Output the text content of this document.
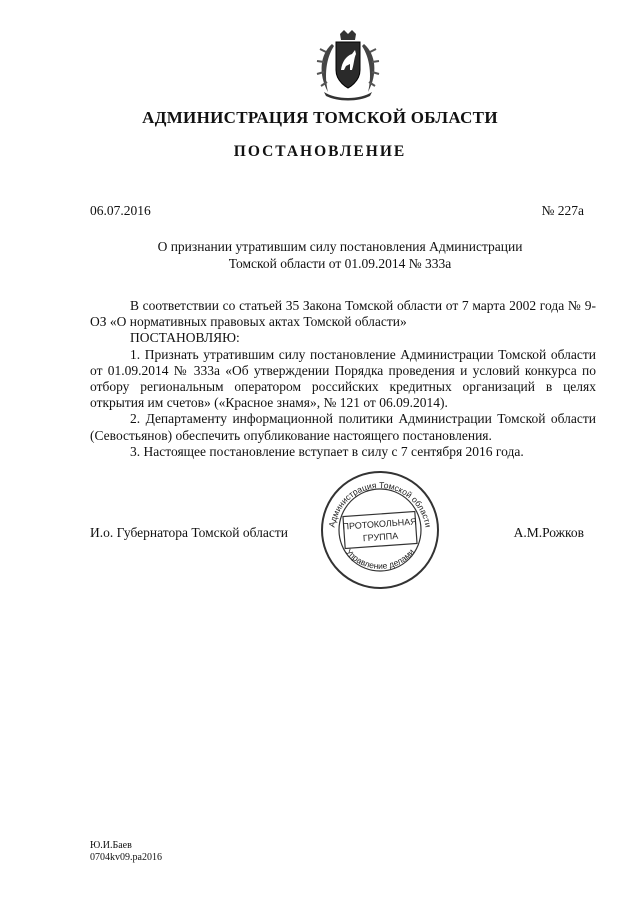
АДМИНИСТРАЦИЯ ТОМСКОЙ ОБЛАСТИ
ПОСТАНОВЛЕНИЕ
06.07.2016	№ 227а
О признании утратившим силу постановления Администрации
Томской области от 01.09.2014 № 333а

В соответствии со статьей 35 Закона Томской области от 7 марта 2002 года № 9-ОЗ «О нормативных правовых актах Томской области»

ПОСТАНОВЛЯЮ:

1. Признать утратившим силу постановление Администрации Томской области от 01.09.2014 № 333а «Об утверждении Порядка проведения и условий конкурса по отбору региональным оператором российских кредитных организаций в целях открытия им счетов» («Красное знамя», № 121 от 06.09.2014).

2. Департаменту информационной политики Администрации Томской области (Севостьянов) обеспечить опубликование настоящего постановления.

3. Настоящее постановление вступает в силу с 7 сентября 2016 года.

И.о. Губернатора Томской области	А.М.Рожков
Администрация Томской области
Управление делами
ПРОТОКОЛЬНАЯ
ГРУППА
Ю.И.Баев
0704kv09.pa2016
